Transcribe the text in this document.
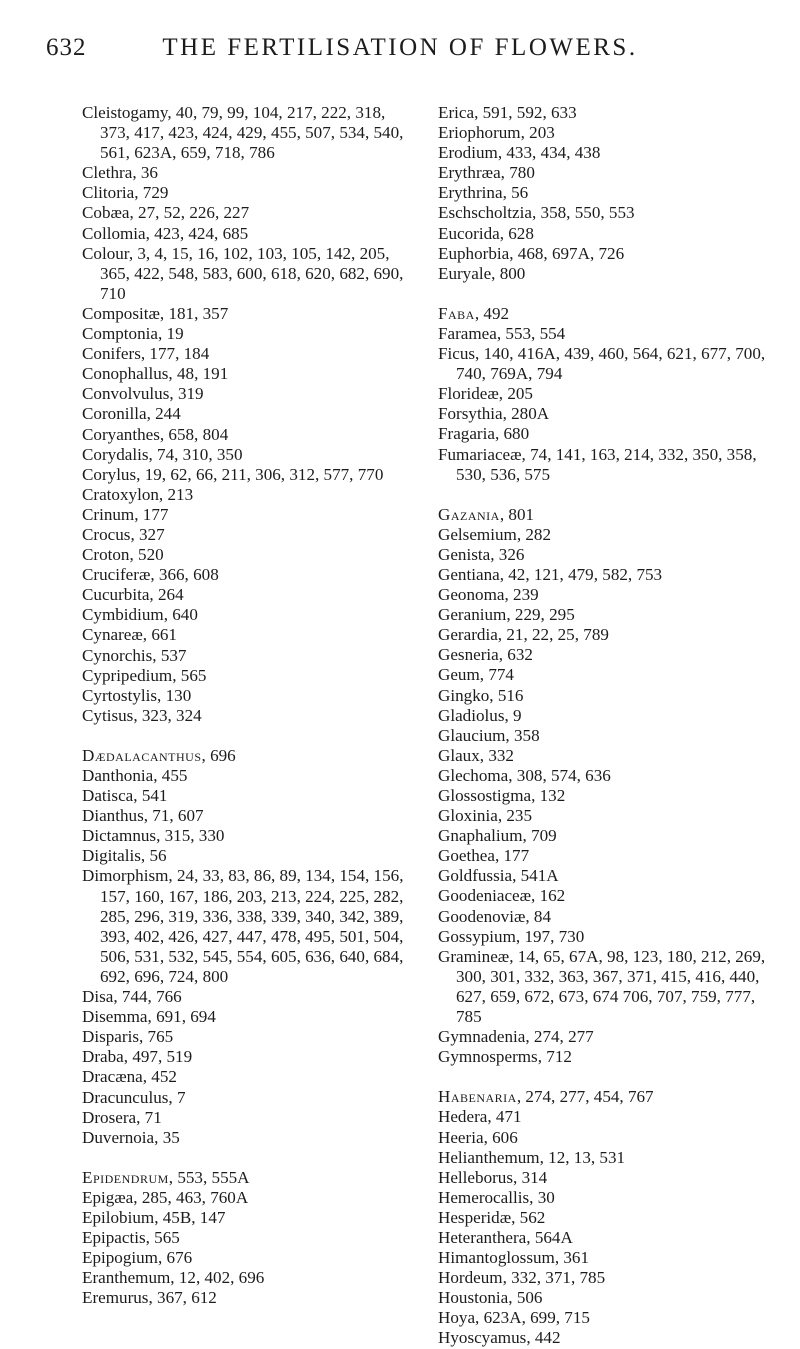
632	THE FERTILISATION OF FLOWERS.
Cleistogamy, 40, 79, 99, 104, 217, 222, 318, 373, 417, 423, 424, 429, 455, 507, 534, 540, 561, 623A, 659, 718, 786
Clethra, 36
Clitoria, 729
Cobæa, 27, 52, 226, 227
Collomia, 423, 424, 685
Colour, 3, 4, 15, 16, 102, 103, 105, 142, 205, 365, 422, 548, 583, 600, 618, 620, 682, 690, 710
Compositæ, 181, 357
Comptonia, 19
Conifers, 177, 184
Conophallus, 48, 191
Convolvulus, 319
Coronilla, 244
Coryanthes, 658, 804
Corydalis, 74, 310, 350
Corylus, 19, 62, 66, 211, 306, 312, 577, 770
Cratoxylon, 213
Crinum, 177
Crocus, 327
Croton, 520
Cruciferæ, 366, 608
Cucurbita, 264
Cymbidium, 640
Cynareæ, 661
Cynorchis, 537
Cypripedium, 565
Cyrtostylis, 130
Cytisus, 323, 324
Dædalacanthus, 696
Danthonia, 455
Datisca, 541
Dianthus, 71, 607
Dictamnus, 315, 330
Digitalis, 56
Dimorphism, 24, 33, 83, 86, 89, 134, 154, 156, 157, 160, 167, 186, 203, 213, 224, 225, 282, 285, 296, 319, 336, 338, 339, 340, 342, 389, 393, 402, 426, 427, 447, 478, 495, 501, 504, 506, 531, 532, 545, 554, 605, 636, 640, 684, 692, 696, 724, 800
Disa, 744, 766
Disemma, 691, 694
Disparis, 765
Draba, 497, 519
Dracæna, 452
Dracunculus, 7
Drosera, 71
Duvernoia, 35
Epidendrum, 553, 555A
Epigæa, 285, 463, 760A
Epilobium, 45B, 147
Epipactis, 565
Epipogium, 676
Eranthemum, 12, 402, 696
Eremurus, 367, 612
Erica, 591, 592, 633
Eriophorum, 203
Erodium, 433, 434, 438
Erythræa, 780
Erythrina, 56
Eschscholtzia, 358, 550, 553
Eucorida, 628
Euphorbia, 468, 697A, 726
Euryale, 800
Faba, 492
Faramea, 553, 554
Ficus, 140, 416A, 439, 460, 564, 621, 677, 700, 740, 769A, 794
Florideæ, 205
Forsythia, 280A
Fragaria, 680
Fumariaceæ, 74, 141, 163, 214, 332, 350, 358, 530, 536, 575
Gazania, 801
Gelsemium, 282
Genista, 326
Gentiana, 42, 121, 479, 582, 753
Geonoma, 239
Geranium, 229, 295
Gerardia, 21, 22, 25, 789
Gesneria, 632
Geum, 774
Gingko, 516
Gladiolus, 9
Glaucium, 358
Glaux, 332
Glechoma, 308, 574, 636
Glossostigma, 132
Gloxinia, 235
Gnaphalium, 709
Goethea, 177
Goldfussia, 541A
Goodeniaceæ, 162
Goodenoviæ, 84
Gossypium, 197, 730
Gramineæ, 14, 65, 67A, 98, 123, 180, 212, 269, 300, 301, 332, 363, 367, 371, 415, 416, 440, 627, 659, 672, 673, 674 706, 707, 759, 777, 785
Gymnadenia, 274, 277
Gymnosperms, 712
Habenaria, 274, 277, 454, 767
Hedera, 471
Heeria, 606
Helianthemum, 12, 13, 531
Helleborus, 314
Hemerocallis, 30
Hesperidæ, 562
Heteranthera, 564A
Himantoglossum, 361
Hordeum, 332, 371, 785
Houstonia, 506
Hoya, 623A, 699, 715
Hyoscyamus, 442
